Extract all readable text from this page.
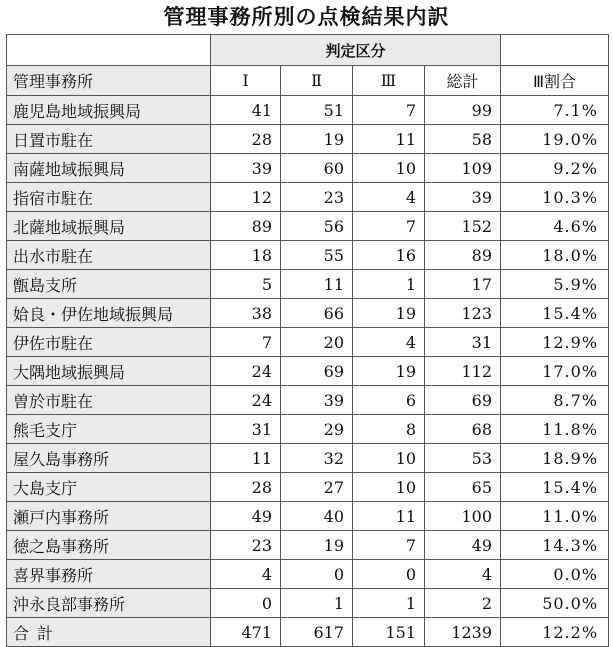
管理事務所別の点検結果内訳
	判定区分				
管理事務所	Ⅰ	Ⅱ	Ⅲ	総計	Ⅲ割合
鹿児島地域振興局	41	51	7	99	7.1%
日置市駐在	28	19	11	58	19.0%
南薩地域振興局	39	60	10	109	9.2%
指宿市駐在	12	23	4	39	10.3%
北薩地域振興局	89	56	7	152	4.6%
出水市駐在	18	55	16	89	18.0%
甑島支所	5	11	1	17	5.9%
姶良・伊佐地域振興局	38	66	19	123	15.4%
伊佐市駐在	7	20	4	31	12.9%
大隅地域振興局	24	69	19	112	17.0%
曽於市駐在	24	39	6	69	8.7%
熊毛支庁	31	29	8	68	11.8%
屋久島事務所	11	32	10	53	18.9%
大島支庁	28	27	10	65	15.4%
瀬戸内事務所	49	40	11	100	11.0%
徳之島事務所	23	19	7	49	14.3%
喜界事務所	4	0	0	4	0.0%
沖永良部事務所	0	1	1	2	50.0%
合計	471	617	151	1239	12.2%
